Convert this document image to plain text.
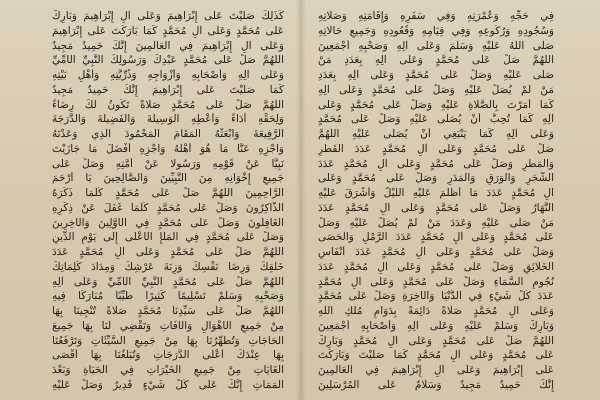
كَذَلِكَ صَلَّيْتَ عَلَى إِبْرَاهِيمَ وَعَلَى آلِ إِبْرَاهِيمَ وَبَارِكْ
عَلَى مُحَمَّدٍ وَعَلَى آلِ مُحَمَّدٍ كَمَا بَارَكْتَ عَلَى إِبْرَاهِيمَ
وَعَلَى آلِ إِبْرَاهِيمَ فِي الْعَالَمِينَ إِنَّكَ حَمِيدٌ مَجِيدٌ
اللَّهُمَّ صَلِّ عَلَى مُحَمَّدٍ عَبْدِكَ وَرَسُولِكَ النَّبِيِّ الْأُمِّيِّ
وَعَلَى آلِهِ وَأَصْحَابِهِ وَأَزْوَاجِهِ وَذُرِّيَّتِهِ وَأَهْلِ بَيْتِهِ
كَمَا صَلَّيْتَ عَلَى إِبْرَاهِيمَ إِنَّكَ حَمِيدٌ مَجِيدٌ
اللَّهُمَّ صَلِّ عَلَى مُحَمَّدٍ صَلَاةً تَكُونُ لَكَ رِضَاءً
وَلِحَقِّهِ أَدَاءً وَأَعْطِهِ الْوَسِيلَةَ وَالْفَضِيلَةَ وَالدَّرَجَةَ
الرَّفِيعَةَ وَابْعَثْهُ الْمَقَامَ الْمَحْمُودَ الَّذِي وَعَدْتَهُ
وَاجْزِهِ عَنَّا مَا هُوَ أَهْلُهُ وَاجْزِهِ أَفْضَلَ مَا جَازَيْتَ
نَبِيًّا عَنْ قَوْمِهِ وَرَسُولًا عَنْ أُمَّتِهِ وَصَلِّ عَلَى
جَمِيعِ إِخْوَانِهِ مِنَ النَّبِيِّينَ وَالصَّالِحِينَ يَا أَرْحَمَ
الرَّاحِمِينَ اللَّهُمَّ صَلِّ عَلَى مُحَمَّدٍ كُلَّمَا ذَكَرَهُ
الذَّاكِرُونَ وَصَلِّ عَلَى مُحَمَّدٍ كُلَّمَا غَفَلَ عَنْ ذِكْرِهِ
الْغَافِلُونَ وَصَلِّ عَلَى مُحَمَّدٍ فِي الْأَوَّلِينَ وَالْآخِرِينَ
وَصَلِّ عَلَى مُحَمَّدٍ فِي الْمَلَإِ الْأَعْلَى إِلَى يَوْمِ الدِّينِ
اللَّهُمَّ صَلِّ عَلَى مُحَمَّدٍ وَعَلَى آلِ مُحَمَّدٍ عَدَدَ
خَلْقِكَ وَرِضَا نَفْسِكَ وَزِنَةَ عَرْشِكَ وَمِدَادَ كَلِمَاتِكَ
اللَّهُمَّ صَلِّ عَلَى مُحَمَّدٍ النَّبِيِّ الْأُمِّيِّ وَعَلَى آلِهِ
وَصَحْبِهِ وَسَلِّمْ تَسْلِيمًا كَثِيرًا طَيِّبًا مُبَارَكًا فِيهِ
اللَّهُمَّ صَلِّ عَلَى سَيِّدِنَا مُحَمَّدٍ صَلَاةً تُنْجِينَا بِهَا
مِنْ جَمِيعِ الْأَهْوَالِ وَالْآفَاتِ وَتَقْضِي لَنَا بِهَا جَمِيعَ
الْحَاجَاتِ وَتُطَهِّرُنَا بِهَا مِنْ جَمِيعِ السَّيِّئَاتِ وَتَرْفَعُنَا
بِهَا عِنْدَكَ أَعْلَى الدَّرَجَاتِ وَتُبَلِّغُنَا بِهَا أَقْصَى
الْغَايَاتِ مِنْ جَمِيعِ الْخَيْرَاتِ فِي الْحَيَاةِ وَبَعْدَ
الْمَمَاتِ إِنَّكَ عَلَى كُلِّ شَيْءٍ قَدِيرٌ وَصَلِّ عَلَيْهِ
فِي حَجِّهِ وَعُمْرَتِهِ وَفِي سَفَرِهِ وَإِقَامَتِهِ وَصَلَاتِهِ
وَسُجُودِهِ وَرُكُوعِهِ وَفِي قِيَامِهِ وَقُعُودِهِ وَجَمِيعِ حَالَاتِهِ
صَلَّى اللَّهُ عَلَيْهِ وَسَلَّمَ وَعَلَى آلِهِ وَصَحْبِهِ أَجْمَعِينَ
اللَّهُمَّ صَلِّ عَلَى مُحَمَّدٍ وَعَلَى آلِهِ بِعَدَدِ مَنْ
صَلَّى عَلَيْهِ وَصَلِّ عَلَى مُحَمَّدٍ وَعَلَى آلِهِ بِعَدَدِ
مَنْ لَمْ يُصَلِّ عَلَيْهِ وَصَلِّ عَلَى مُحَمَّدٍ وَعَلَى آلِهِ
كَمَا أَمَرْتَ بِالصَّلَاةِ عَلَيْهِ وَصَلِّ عَلَى مُحَمَّدٍ وَعَلَى
آلِهِ كَمَا تُحِبُّ أَنْ يُصَلَّى عَلَيْهِ وَصَلِّ عَلَى مُحَمَّدٍ
وَعَلَى آلِهِ كَمَا يَنْبَغِي أَنْ يُصَلَّى عَلَيْهِ اللَّهُمَّ
صَلِّ عَلَى مُحَمَّدٍ وَعَلَى آلِ مُحَمَّدٍ عَدَدَ الْقَطْرِ
وَالْمَطَرِ وَصَلِّ عَلَى مُحَمَّدٍ وَعَلَى آلِ مُحَمَّدٍ عَدَدَ
الشَّجَرِ وَالْوَرَقِ وَالْمَدَرِ وَصَلِّ عَلَى مُحَمَّدٍ وَعَلَى
آلِ مُحَمَّدٍ عَدَدَ مَا أَظْلَمَ عَلَيْهِ اللَّيْلُ وَأَشْرَقَ عَلَيْهِ
النَّهَارُ وَصَلِّ عَلَى مُحَمَّدٍ وَعَلَى آلِ مُحَمَّدٍ عَدَدَ
مَنْ صَلَّى عَلَيْهِ وَعَدَدَ مَنْ لَمْ يُصَلِّ عَلَيْهِ وَصَلِّ
عَلَى مُحَمَّدٍ وَعَلَى آلِ مُحَمَّدٍ عَدَدَ الرَّمْلِ وَالْحَصَى
وَصَلِّ عَلَى مُحَمَّدٍ وَعَلَى آلِ مُحَمَّدٍ عَدَدَ أَنْفَاسِ
الْخَلَائِقِ وَصَلِّ عَلَى مُحَمَّدٍ وَعَلَى آلِ مُحَمَّدٍ عَدَدَ
نُجُومِ السَّمَاءِ وَصَلِّ عَلَى مُحَمَّدٍ وَعَلَى آلِ مُحَمَّدٍ
عَدَدَ كُلِّ شَيْءٍ فِي الدُّنْيَا وَالْآخِرَةِ وَصَلِّ عَلَى مُحَمَّدٍ
وَعَلَى آلِ مُحَمَّدٍ صَلَاةً دَائِمَةً بِدَوَامِ مُلْكِ اللَّهِ
وَبَارِكْ وَسَلِّمْ عَلَيْهِ وَعَلَى آلِهِ وَأَصْحَابِهِ أَجْمَعِينَ
اللَّهُمَّ صَلِّ عَلَى مُحَمَّدٍ وَعَلَى آلِ مُحَمَّدٍ وَبَارِكْ
عَلَى مُحَمَّدٍ وَعَلَى آلِ مُحَمَّدٍ كَمَا صَلَّيْتَ وَبَارَكْتَ
عَلَى إِبْرَاهِيمَ وَعَلَى آلِ إِبْرَاهِيمَ فِي الْعَالَمِينَ
إِنَّكَ حَمِيدٌ مَجِيدٌ وَسَلَامٌ عَلَى الْمُرْسَلِينَ
